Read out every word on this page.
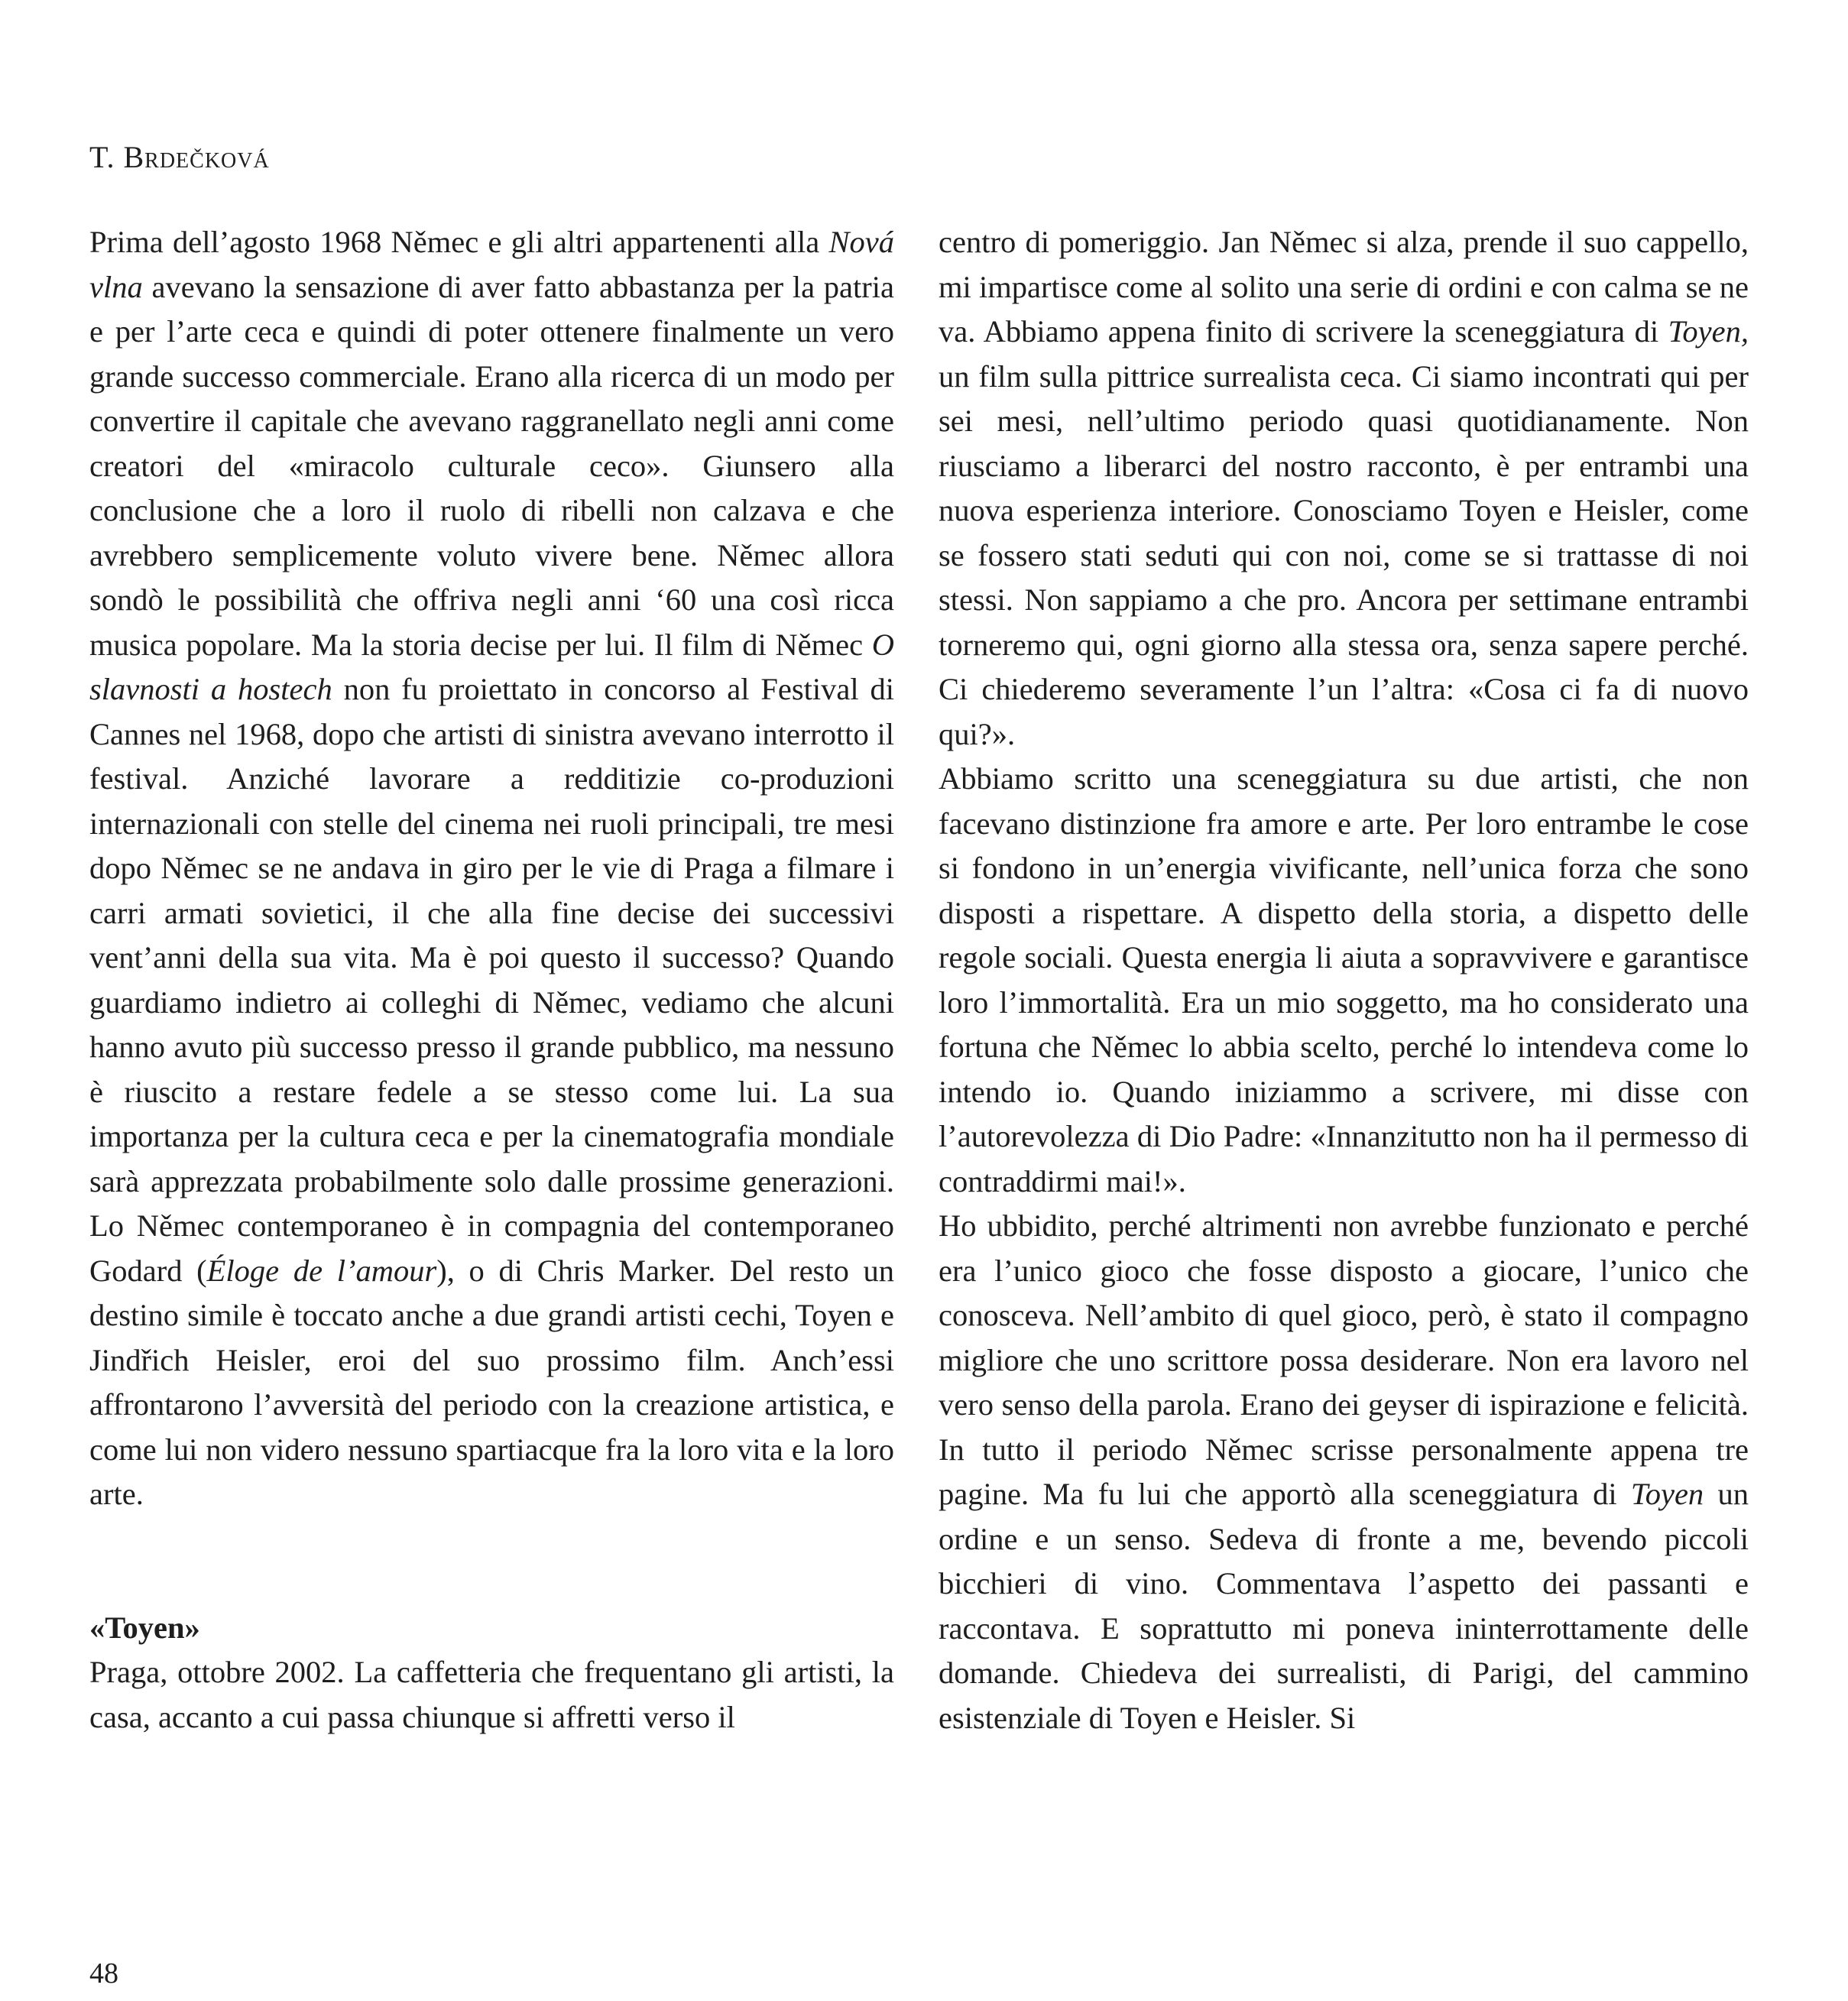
T. Brdečková

Prima dell’agosto 1968 Němec e gli altri appartenenti alla Nová vlna avevano la sensazione di aver fatto abbastanza per la patria e per l’arte ceca e quindi di poter ottenere finalmente un vero grande successo commerciale. Erano alla ricerca di un modo per convertire il capitale che avevano raggranellato negli anni come creatori del «miracolo culturale ceco». Giunsero alla conclusione che a loro il ruolo di ribelli non calzava e che avrebbero semplicemente voluto vivere bene. Němec allora sondò le possibilità che offriva negli anni ‘60 una così ricca musica popolare. Ma la storia decise per lui. Il film di Němec O slavnosti a hostech non fu proiettato in concorso al Festival di Cannes nel 1968, dopo che artisti di sinistra avevano interrotto il festival. Anziché lavorare a redditizie co-produzioni internazionali con stelle del cinema nei ruoli principali, tre mesi dopo Němec se ne andava in giro per le vie di Praga a filmare i carri armati sovietici, il che alla fine decise dei successivi vent’anni della sua vita. Ma è poi questo il successo? Quando guardiamo indietro ai colleghi di Němec, vediamo che alcuni hanno avuto più successo presso il grande pubblico, ma nessuno è riuscito a restare fedele a se stesso come lui. La sua importanza per la cultura ceca e per la cinematografia mondiale sarà apprezzata probabilmente solo dalle prossime generazioni. Lo Němec contemporaneo è in compagnia del contemporaneo Godard (Éloge de l’amour), o di Chris Marker. Del resto un destino simile è toccato anche a due grandi artisti cechi, Toyen e Jindřich Heisler, eroi del suo prossimo film. Anch’essi affrontarono l’avversità del periodo con la creazione artistica, e come lui non videro nessuno spartiacque fra la loro vita e la loro arte.

«Toyen»

Praga, ottobre 2002. La caffetteria che frequentano gli artisti, la casa, accanto a cui passa chiunque si affretti verso il

centro di pomeriggio. Jan Němec si alza, prende il suo cappello, mi impartisce come al solito una serie di ordini e con calma se ne va. Abbiamo appena finito di scrivere la sceneggiatura di Toyen, un film sulla pittrice surrealista ceca. Ci siamo incontrati qui per sei mesi, nell’ultimo periodo quasi quotidianamente. Non riusciamo a liberarci del nostro racconto, è per entrambi una nuova esperienza interiore. Conosciamo Toyen e Heisler, come se fossero stati seduti qui con noi, come se si trattasse di noi stessi. Non sappiamo a che pro. Ancora per settimane entrambi torneremo qui, ogni giorno alla stessa ora, senza sapere perché. Ci chiederemo severamente l’un l’altra: «Cosa ci fa di nuovo qui?».

Abbiamo scritto una sceneggiatura su due artisti, che non facevano distinzione fra amore e arte. Per loro entrambe le cose si fondono in un’energia vivificante, nell’unica forza che sono disposti a rispettare. A dispetto della storia, a dispetto delle regole sociali. Questa energia li aiuta a sopravvivere e garantisce loro l’immortalità. Era un mio soggetto, ma ho considerato una fortuna che Němec lo abbia scelto, perché lo intendeva come lo intendo io. Quando iniziammo a scrivere, mi disse con l’autorevolezza di Dio Padre: «Innanzitutto non ha il permesso di contraddirmi mai!».

Ho ubbidito, perché altrimenti non avrebbe funzionato e perché era l’unico gioco che fosse disposto a giocare, l’unico che conosceva. Nell’ambito di quel gioco, però, è stato il compagno migliore che uno scrittore possa desiderare. Non era lavoro nel vero senso della parola. Erano dei geyser di ispirazione e felicità. In tutto il periodo Němec scrisse personalmente appena tre pagine. Ma fu lui che apportò alla sceneggiatura di Toyen un ordine e un senso. Sedeva di fronte a me, bevendo piccoli bicchieri di vino. Commentava l’aspetto dei passanti e raccontava. E soprattutto mi poneva ininterrottamente delle domande. Chiedeva dei surrealisti, di Parigi, del cammino esistenziale di Toyen e Heisler. Si

48
